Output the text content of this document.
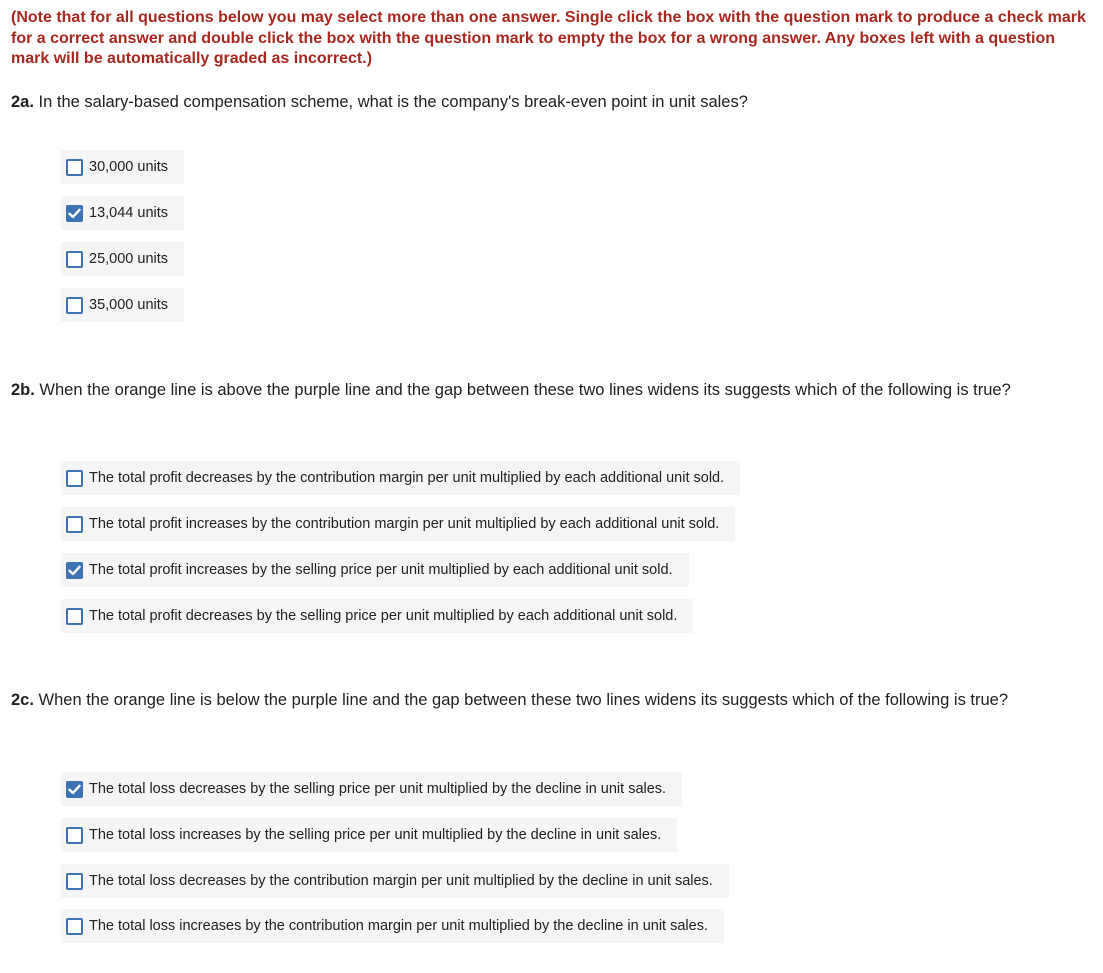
(Note that for all questions below you may select more than one answer. Single click the box with the question mark to produce a check mark for a correct answer and double click the box with the question mark to empty the box for a wrong answer. Any boxes left with a question mark will be automatically graded as incorrect.)

2a. In the salary-based compensation scheme, what is the company's break-even point in unit sales?

30,000 units
13,044 units
25,000 units
35,000 units

2b. When the orange line is above the purple line and the gap between these two lines widens its suggests which of the following is true?

The total profit decreases by the contribution margin per unit multiplied by each additional unit sold.
The total profit increases by the contribution margin per unit multiplied by each additional unit sold.
The total profit increases by the selling price per unit multiplied by each additional unit sold.
The total profit decreases by the selling price per unit multiplied by each additional unit sold.

2c. When the orange line is below the purple line and the gap between these two lines widens its suggests which of the following is true?

The total loss decreases by the selling price per unit multiplied by the decline in unit sales.
The total loss increases by the selling price per unit multiplied by the decline in unit sales.
The total loss decreases by the contribution margin per unit multiplied by the decline in unit sales.
The total loss increases by the contribution margin per unit multiplied by the decline in unit sales.
